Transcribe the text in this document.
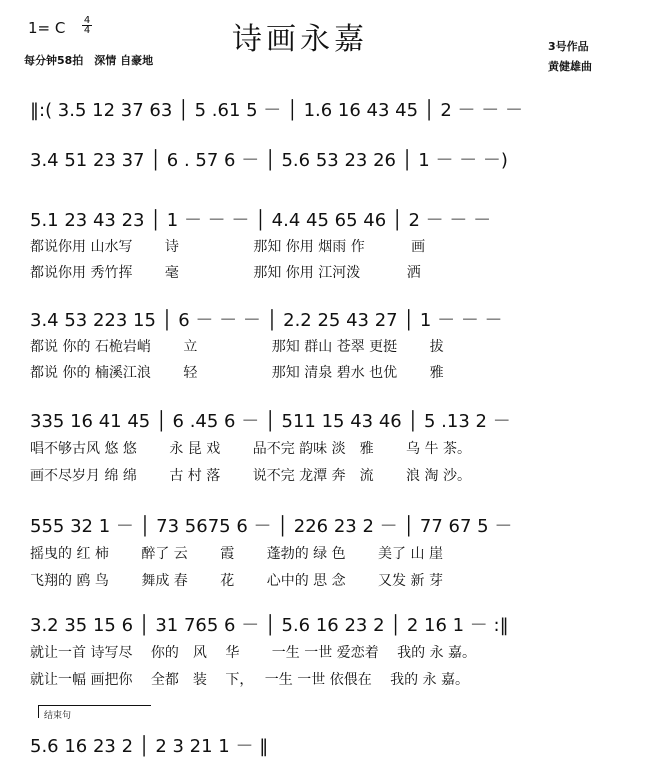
1= C 4
4	诗画永嘉
每分钟58拍　深情 自豪地
3号作品
黄健雄曲
‖:( 3.5 12 37 63 │ 5 .61 5 － │ 1.6 16 43 45 │ 2 － － －
3.4 51 23 37 │ 6 . 57 6 － │ 5.6 53 23 26 │ 1 － － －)
5.1 23 43 23 │ 1 － － － │ 4.4 45 65 46 │ 2 － － －
都说你用 山水写　　 诗　　　　　 那知 你用 烟雨 作　　　 画
都说你用 秀竹挥　　 毫　　　　　 那知 你用 江河泼　　　 洒
3.4 53 223 15 │ 6 － － － │ 2.2 25 43 27 │ 1 － － －
都说 你的 石桅岩峭　　 立　　　　　 那知 群山 苍翠 更挺　　 拔
都说 你的 楠溪江浪　　 轻　　　　　 那知 清泉 碧水 也优　　 雅
335 16 41 45 │ 6 .45 6 － │ 511 15 43 46 │ 5 .13 2 －
唱不够古风 悠 悠　　 永 昆 戏　　 品不完 韵味 淡　雅　　 乌 牛 茶。
画不尽岁月 绵 绵　　 古 村 落　　 说不完 龙潭 奔　流　　 浪 淘 沙。
555 32 1 － │ 73 5675 6 － │ 226 23 2 － │ 77 67 5 －
摇曳的 红 柿　　 醉了 云　　 霞　　 蓬勃的 绿 色　　 美了 山 崖
飞翔的 鸥 鸟　　 舞成 春　　 花　　 心中的 思 念　　 又发 新 芽
3.2 35 15 6 │ 31 765 6 － │ 5.6 16 23 2 │ 2 16 1 － :‖
就让一首 诗写尽　 你的　风　 华　　 一生 一世 爱恋着　 我的 永 嘉。
就让一幅 画把你　 全都　装　 下，　 一生 一世 依偎在　 我的 永 嘉。
结束句
5.6 16 23 2 │ 2 3 21 1 － ‖
